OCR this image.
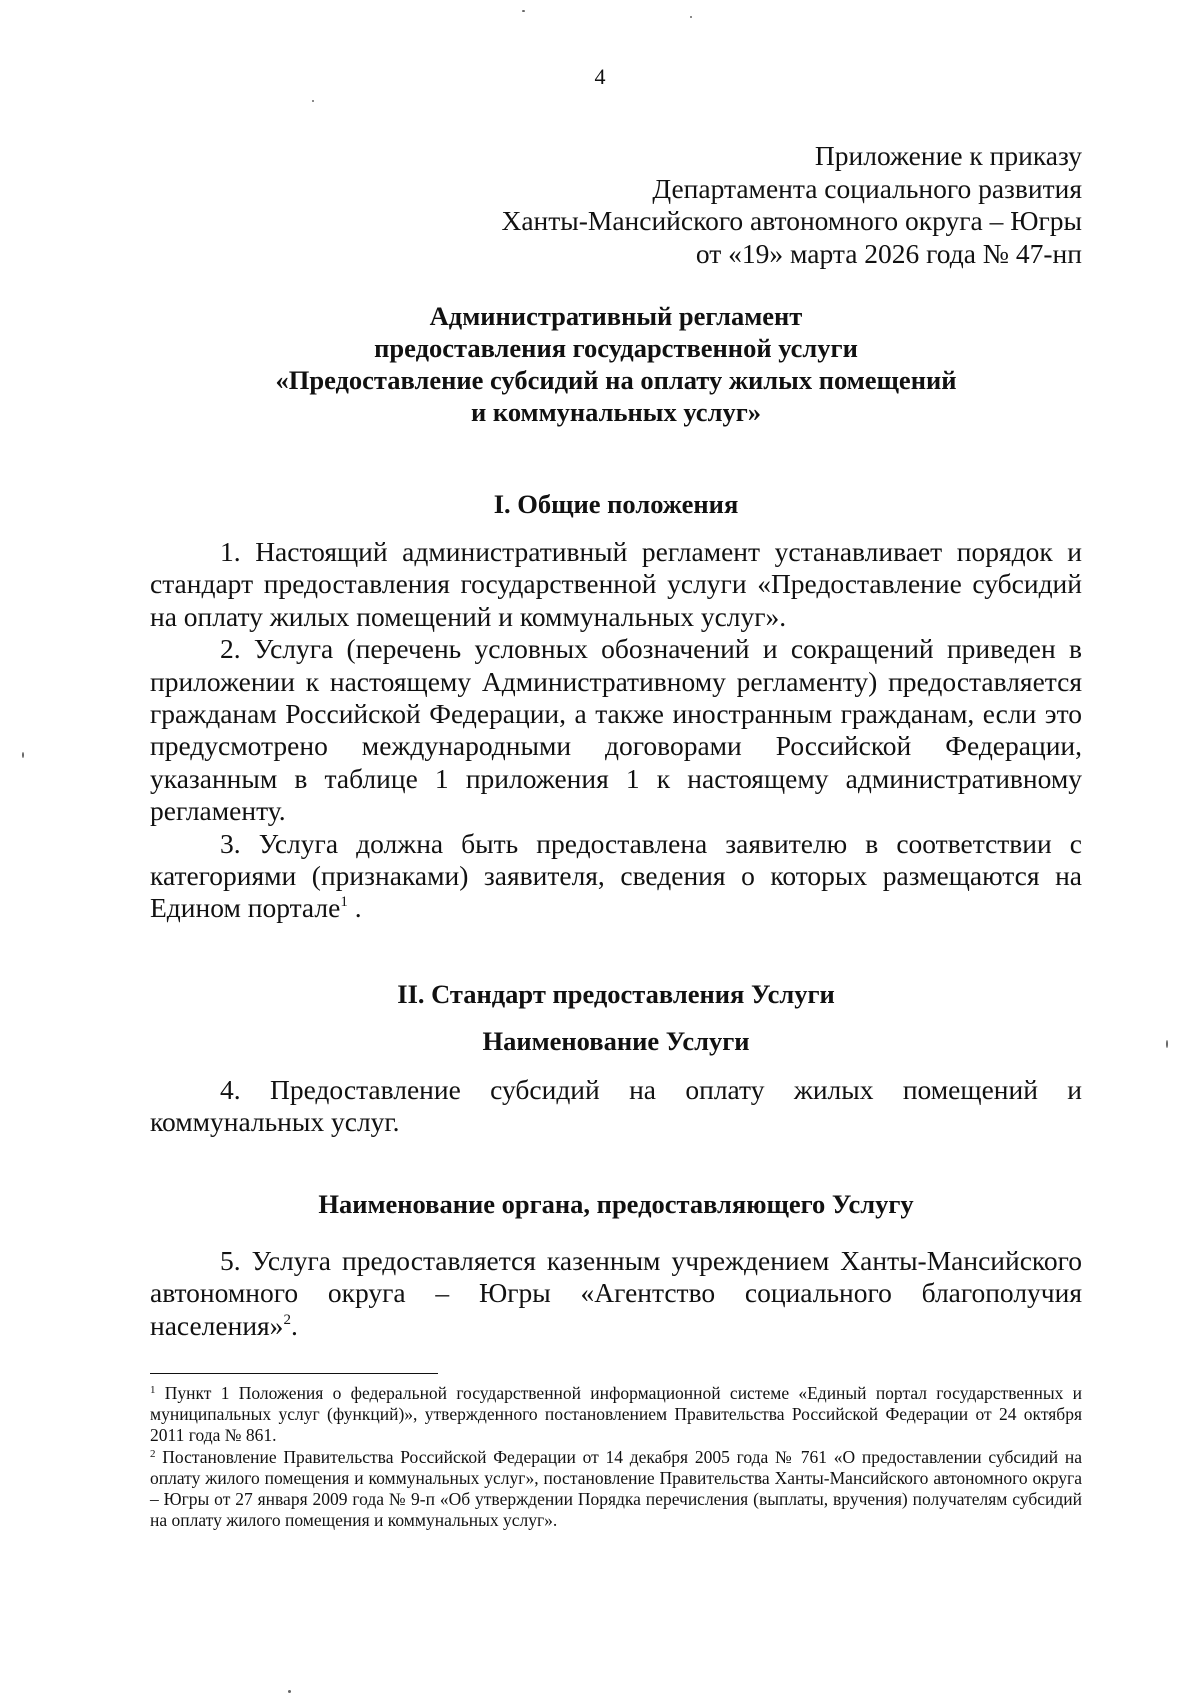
4
Приложение к приказу
Департамента социального развития
Ханты-Мансийского автономного округа – Югры
от «19» марта 2026 года № 47-нп
Административный регламент
предоставления государственной услуги
«Предоставление субсидий на оплату жилых помещений
и коммунальных услуг»
I. Общие положения

1. Настоящий административный регламент устанавливает порядок и стандарт предоставления государственной услуги «Предоставление субсидий на оплату жилых помещений и коммунальных услуг».

2. Услуга (перечень условных обозначений и сокращений приведен в приложении к настоящему Административному регламенту) предоставляется гражданам Российской Федерации, а также иностранным гражданам, если это предусмотрено международными договорами Российской Федерации, указанным в таблице 1 приложения 1 к настоящему административному регламенту.

3. Услуга должна быть предоставлена заявителю в соответствии с категориями (признаками) заявителя, сведения о которых размещаются на Едином портале$^1$ .

II. Стандарт предоставления Услуги
Наименование Услуги

4. Предоставление субсидий на оплату жилых помещений и коммунальных услуг.

Наименование органа, предоставляющего Услугу

5. Услуга предоставляется казенным учреждением Ханты-Мансийского автономного округа – Югры «Агентство социального благополучия населения»$^2$.

$^1$ Пункт 1 Положения о федеральной государственной информационной системе «Единый портал государственных и муниципальных услуг (функций)», утвержденного постановлением Правительства Российской Федерации от 24 октября 2011 года № 861.

$^2$ Постановление Правительства Российской Федерации от 14 декабря 2005 года № 761 «О предоставлении субсидий на оплату жилого помещения и коммунальных услуг», постановление Правительства Ханты-Мансийского автономного округа – Югры от 27 января 2009 года № 9-п «Об утверждении Порядка перечисления (выплаты, вручения) получателям субсидий на оплату жилого помещения и коммунальных услуг».
